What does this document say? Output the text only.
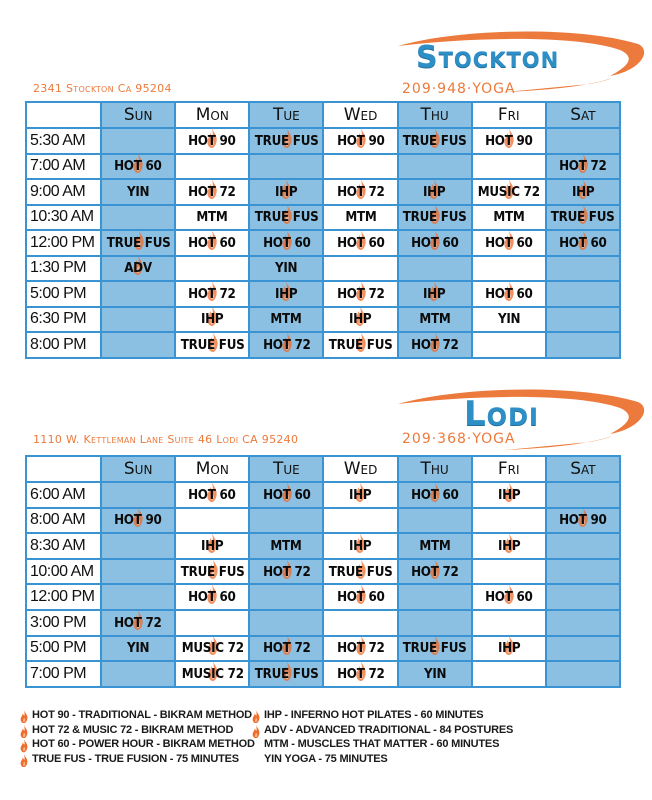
Stockton
209·948·YOGA
2341 Stockton Ca 95204
	Sun	Mon	Tue	Wed	Thu	Fri	Sat
5:30 AM		HOT 90	TRUE FUS	HOT 90	TRUE FUS	HOT 90	
7:00 AM	HOT 60						HOT 72
9:00 AM	YIN	HOT 72	IHP	HOT 72	IHP	MUSIC 72	IHP
10:30 AM		MTM	TRUE FUS	MTM	TRUE FUS	MTM	TRUE FUS
12:00 PM	TRUE FUS	HOT 60	HOT 60	HOT 60	HOT 60	HOT 60	HOT 60
1:30 PM	ADV		YIN				
5:00 PM		HOT 72	IHP	HOT 72	IHP	HOT 60	
6:30 PM		IHP	MTM	IHP	MTM	YIN	
8:00 PM		TRUE FUS	HOT 72	TRUE FUS	HOT 72		
Lodi
209·368·YOGA
1110 W. Kettleman Lane Suite 46 Lodi CA 95240
	Sun	Mon	Tue	Wed	Thu	Fri	Sat
6:00 AM		HOT 60	HOT 60	IHP	HOT 60	IHP	
8:00 AM	HOT 90						HOT 90
8:30 AM		IHP	MTM	IHP	MTM	IHP	
10:00 AM		TRUE FUS	HOT 72	TRUE FUS	HOT 72		
12:00 PM		HOT 60		HOT 60		HOT 60	
3:00 PM	HOT 72						
5:00 PM	YIN	MUSIC 72	HOT 72	HOT 72	TRUE FUS	IHP	
7:00 PM		MUSIC 72	TRUE FUS	HOT 72	YIN		
HOT 90 - TRADITIONAL - BIKRAM METHOD
HOT 72 & MUSIC 72 - BIKRAM METHOD
HOT 60 - POWER HOUR - BIKRAM METHOD
TRUE FUS - TRUE FUSION - 75 MINUTES
IHP - INFERNO HOT PILATES - 60 MINUTES
ADV - ADVANCED TRADITIONAL - 84 POSTURES
MTM - MUSCLES THAT MATTER - 60 MINUTES
YIN YOGA - 75 MINUTES
